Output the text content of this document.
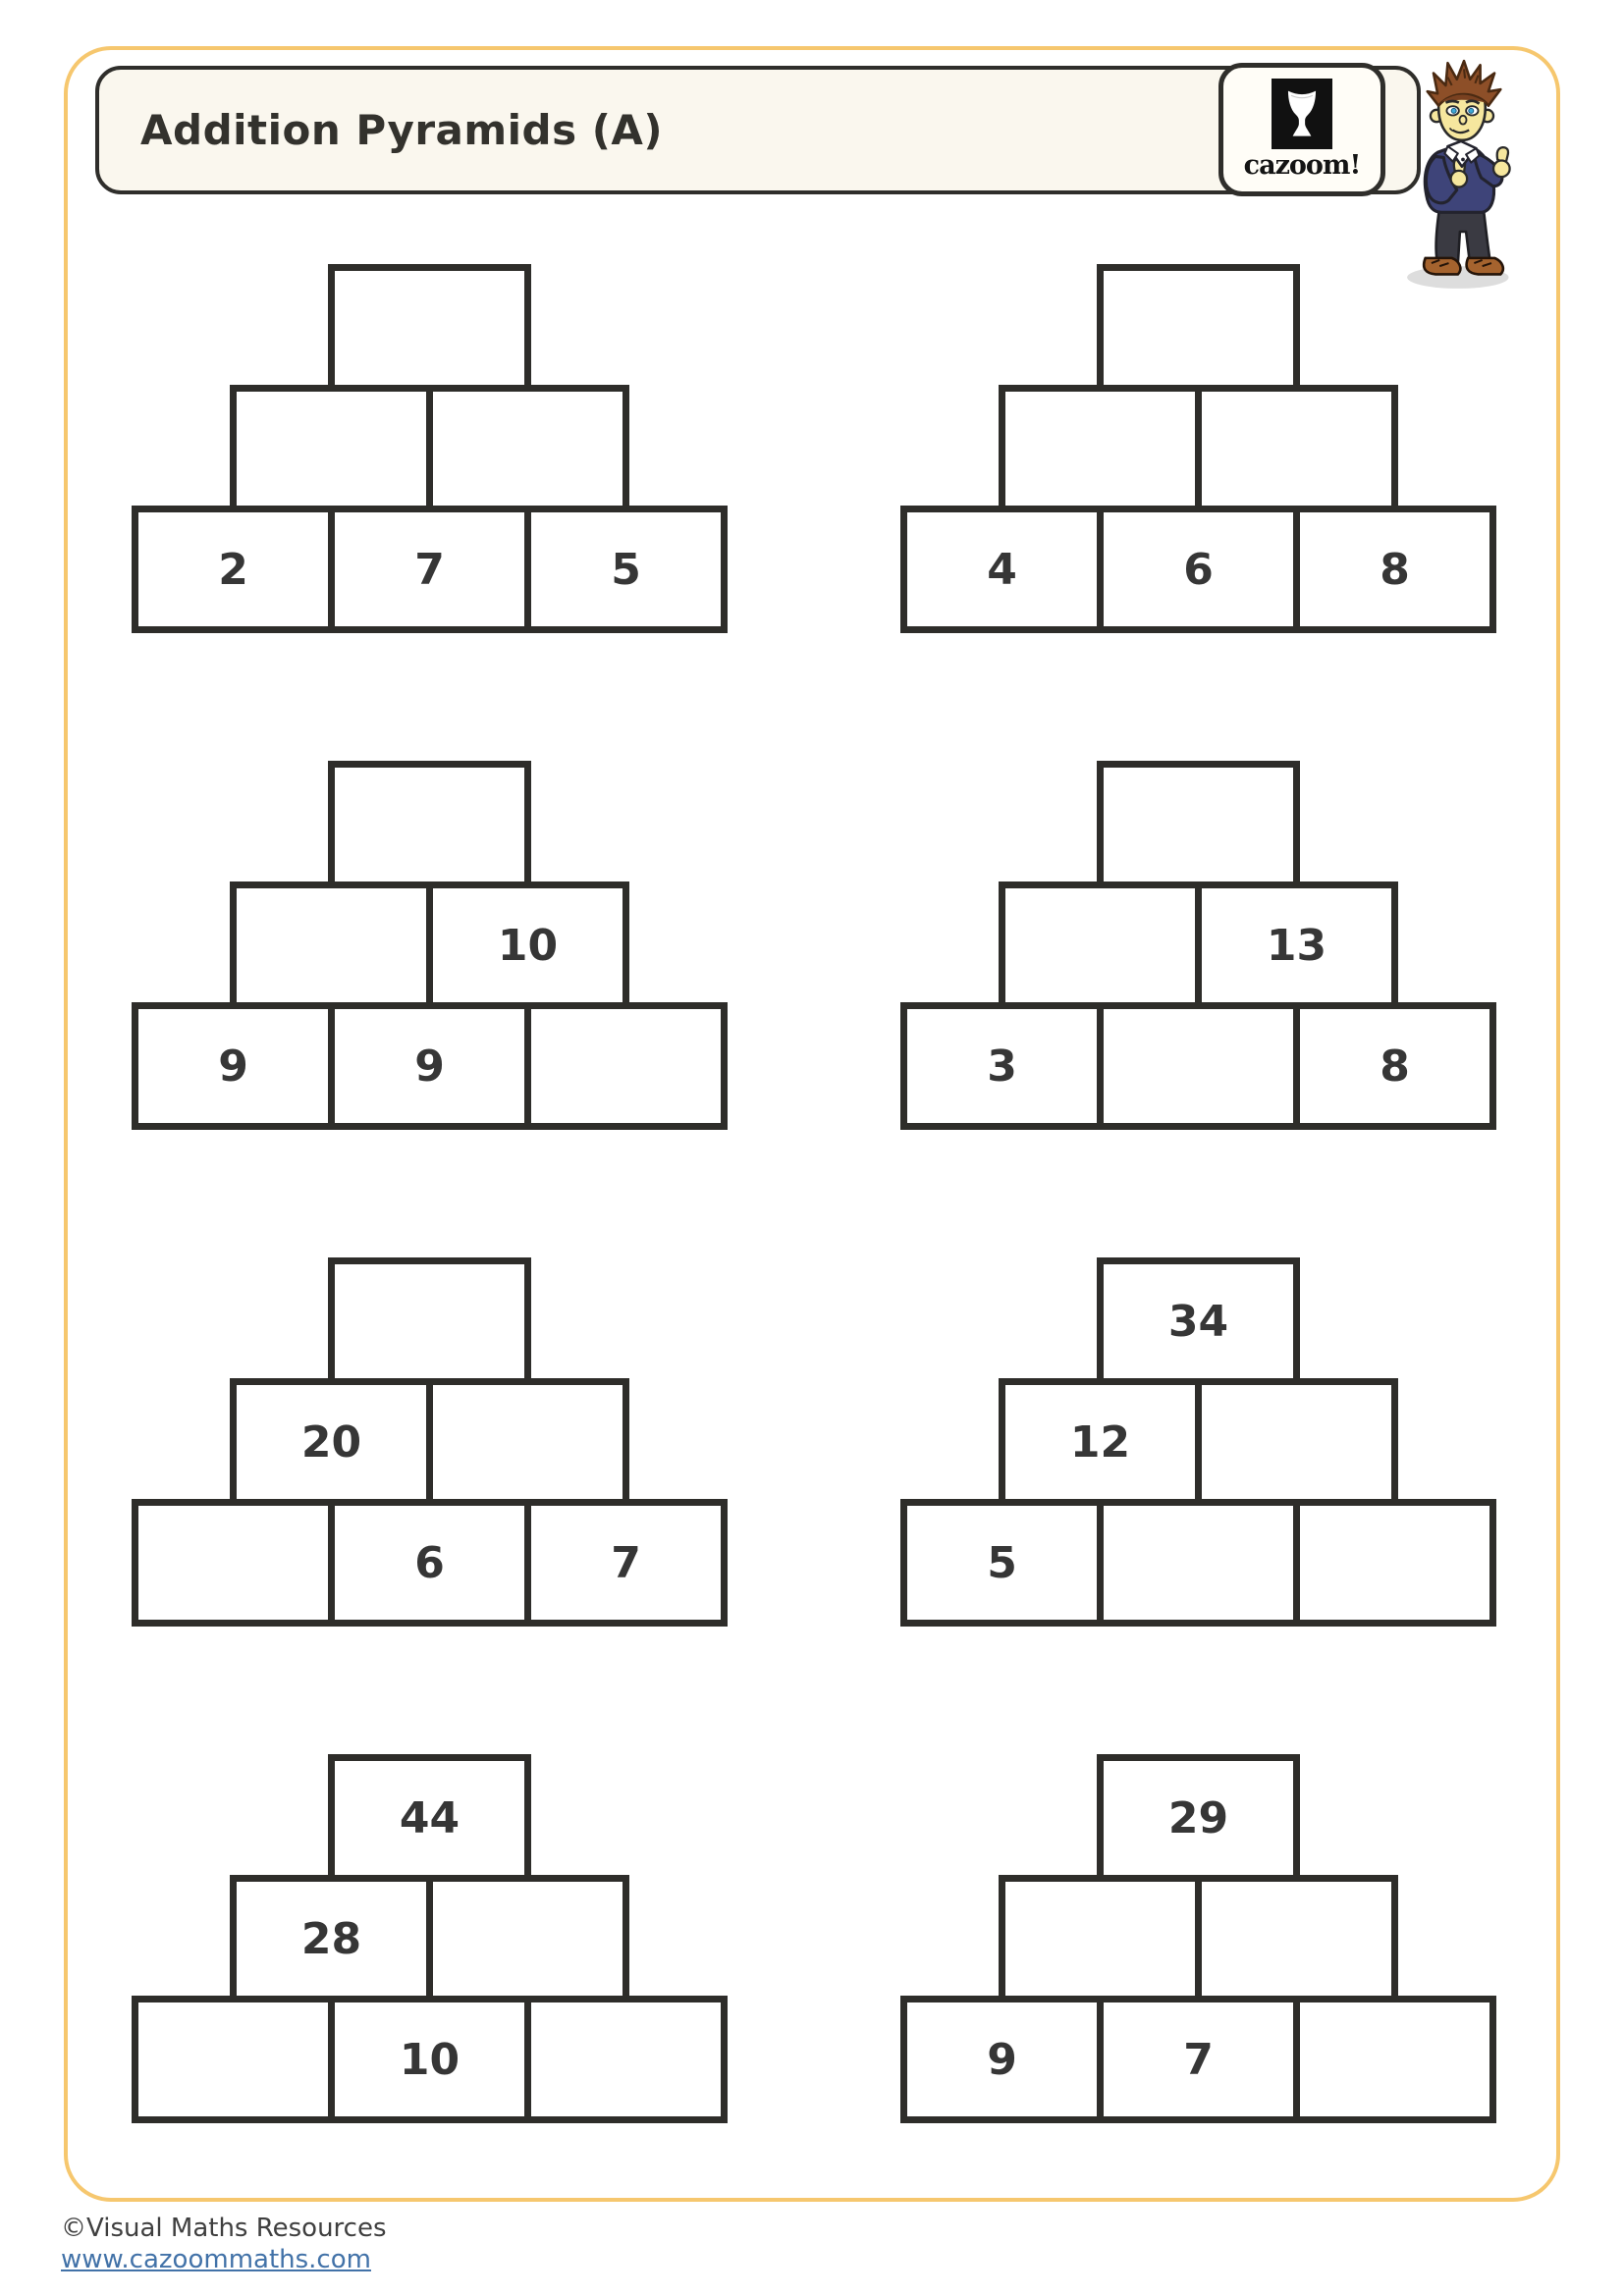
Addition Pyramids (A)
cazoom!
2	7	5	4	6	8
10
9	9
13
3	8
20
6	7
34
12
5
44
28
10
29
9	7
©Visual Maths Resources
www.cazoommaths.com
